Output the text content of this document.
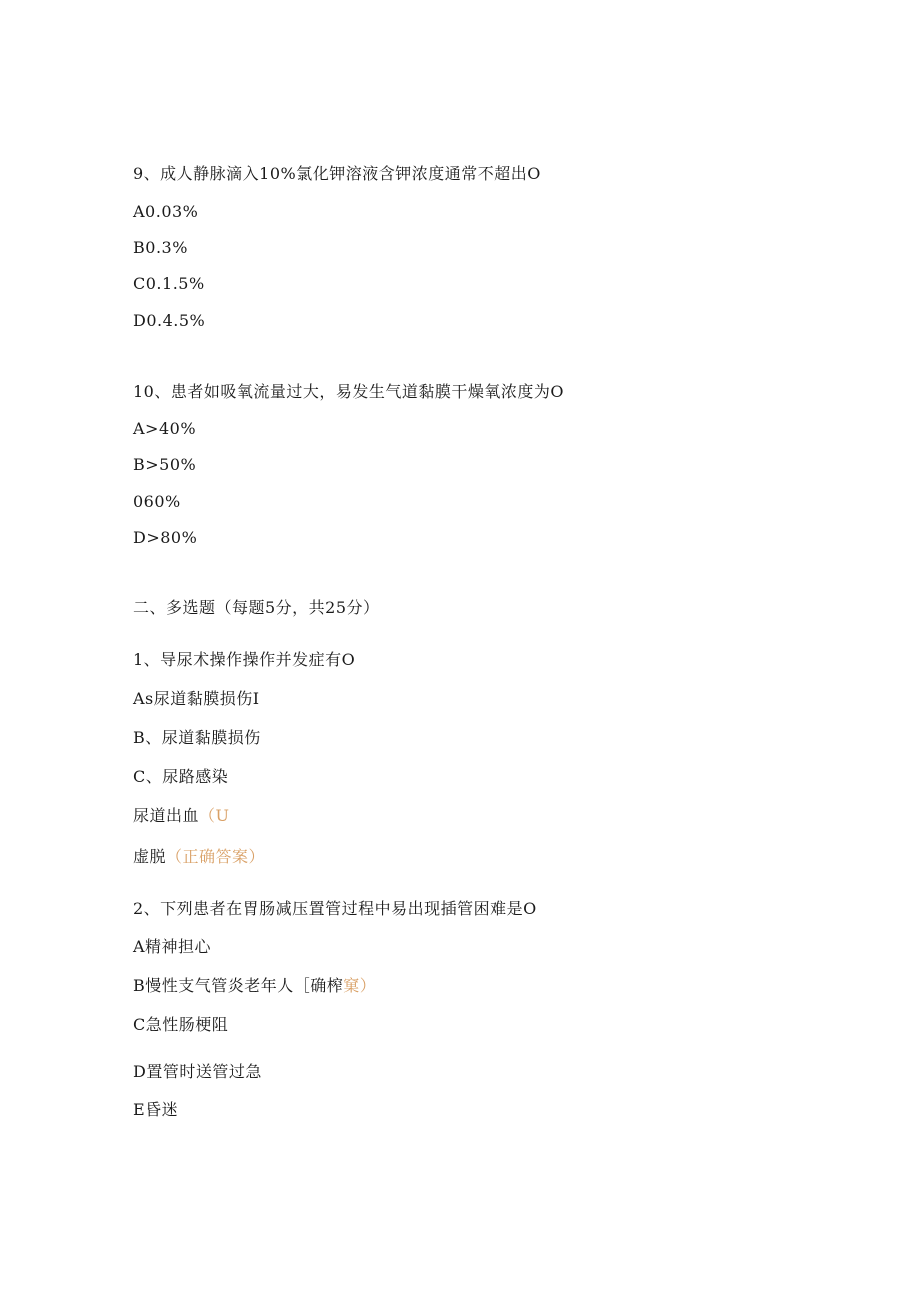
9、成人静脉滴入10%氯化钾溶液含钾浓度通常不超出O
A0.03%
B0.3%
C0.1.5%
D0.4.5%
10、患者如吸氧流量过大，易发生气道黏膜干燥氧浓度为O
A>40%
B>50%
060%
D>80%
二、多选题（每题5分，共25分）
1、导尿术操作操作并发症有O
As尿道黏膜损伤I
B、尿道黏膜损伤
C、尿路感染
尿道出血（U
虚脱（正确答案）
2、下列患者在胃肠减压置管过程中易出现插管困难是O
A精神担心
B慢性支气管炎老年人［确榨窠）
C急性肠梗阻
D置管时送管过急
E昏迷
